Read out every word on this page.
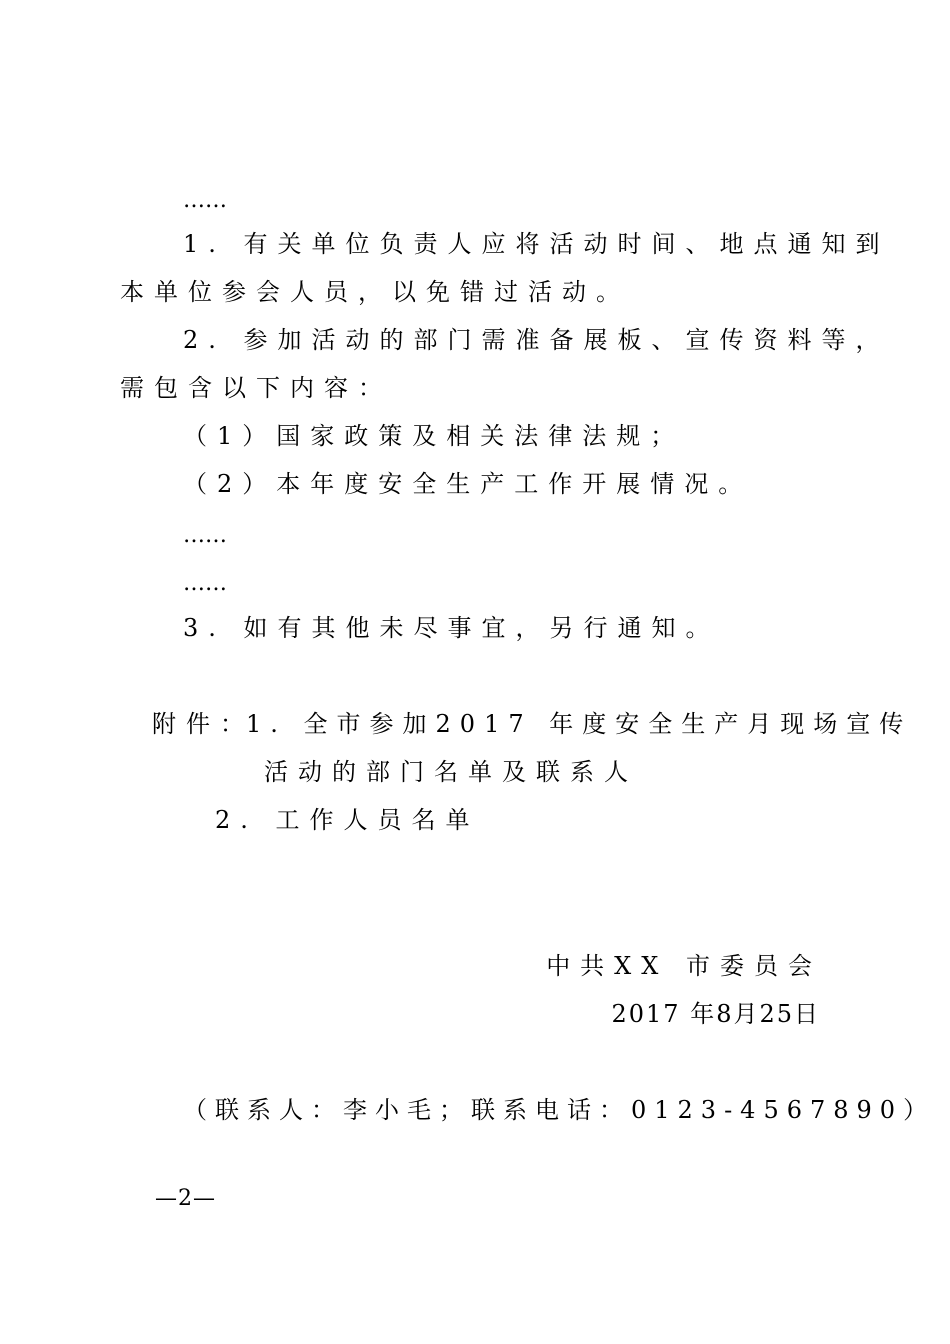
……
1. 有关单位负责人应将活动时间、地点通知到
本单位参会人员，以免错过活动。
2. 参加活动的部门需准备展板、宣传资料等，
需包含以下内容：
（1）国家政策及相关法律法规；
（2）本年度安全生产工作开展情况。
……
……
3. 如有其他未尽事宜，另行通知。
附件：
1. 全市参加2017 年度安全生产月现场宣传
活动的部门名单及联系人
2. 工作人员名单
中共XX 市委员会
2017 年8月25日
（联系人：李小毛；联系电话：0123-4567890）
—2—
